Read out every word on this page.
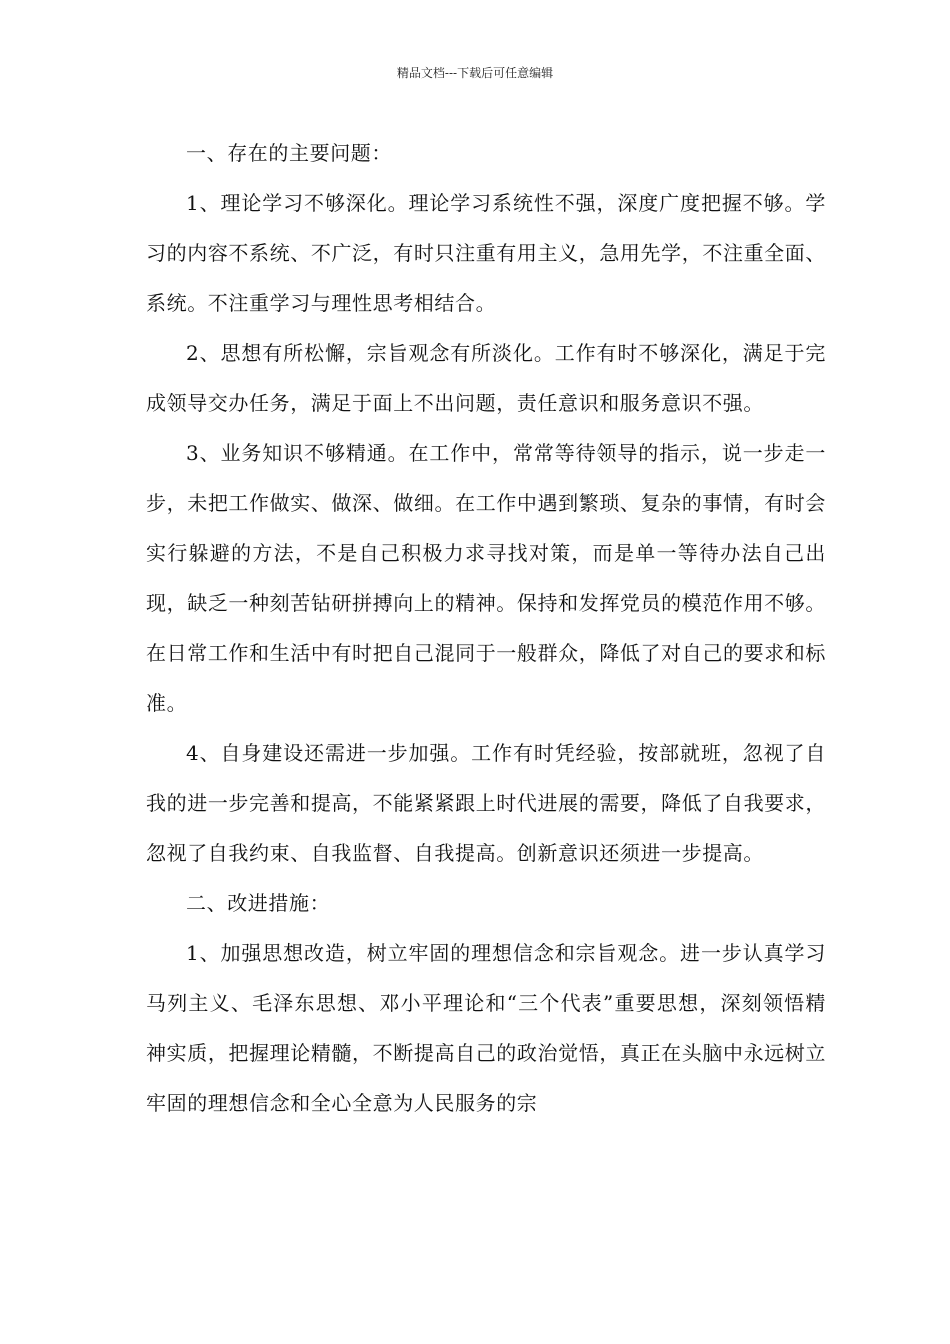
精品文档---下载后可任意编辑

一、存在的主要问题：

1、理论学习不够深化。理论学习系统性不强，深度广度把握不够。学习的内容不系统、不广泛，有时只注重有用主义，急用先学，不注重全面、系统。不注重学习与理性思考相结合。

2、思想有所松懈，宗旨观念有所淡化。工作有时不够深化，满足于完成领导交办任务，满足于面上不出问题，责任意识和服务意识不强。

3、业务知识不够精通。在工作中，常常等待领导的指示，说一步走一步，未把工作做实、做深、做细。在工作中遇到繁琐、复杂的事情，有时会实行躲避的方法，不是自己积极力求寻找对策，而是单一等待办法自己出现，缺乏一种刻苦钻研拼搏向上的精神。保持和发挥党员的模范作用不够。在日常工作和生活中有时把自己混同于一般群众，降低了对自己的要求和标准。

4、自身建设还需进一步加强。工作有时凭经验，按部就班，忽视了自我的进一步完善和提高，不能紧紧跟上时代进展的需要，降低了自我要求，忽视了自我约束、自我监督、自我提高。创新意识还须进一步提高。

二、改进措施：

1、加强思想改造，树立牢固的理想信念和宗旨观念。进一步认真学习马列主义、毛泽东思想、邓小平理论和“三个代表”重要思想，深刻领悟精神实质，把握理论精髓，不断提高自己的政治觉悟，真正在头脑中永远树立牢固的理想信念和全心全意为人民服务的宗
